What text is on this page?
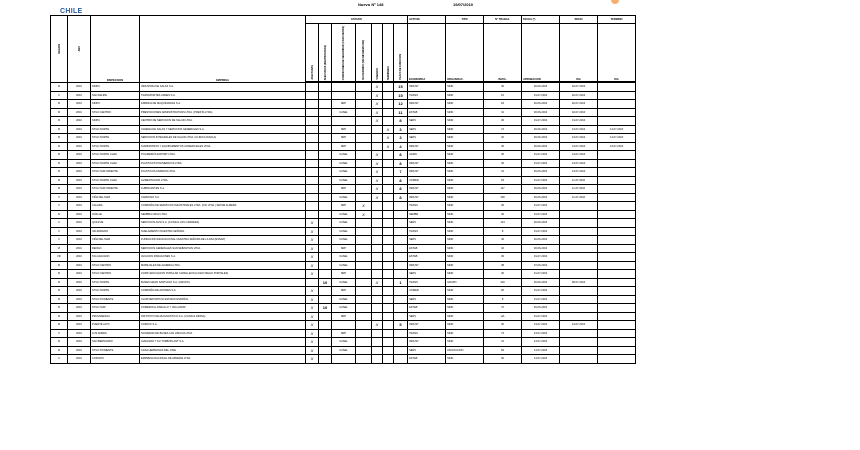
CHILE
Nuevo Nº 148	19/07/2010
REGION	AÑO	INSPECCION	EMPRESA	ESTADO							ACTIVID.	TIPO	Nº TRABAJ.	FECHA (*)	INICIO	TERMINO
				AFECTADAS	AFECTADAS (IDENTIFICADAS)	CONDICIONES DE SEGURIDAD (CASO/OHSAS)	NO DEFINIDO (SIN INFORMACION)	VIGENCIA	TERMINADA	PLAZO DE DURACION	ECONOMICA	ORGANIZAC.	INVOL.	APROBACION	DIA	DIA
XI	2010	SINPU	INDUSTRIA DE SALAS S.A.					X		15	INDUST	SIND	30	30-06-2010	02-07-2010	
V	2010	SAN FELIPE	TRANSPORTES ANDES S.A.					X		15	TRANS	SIND	16	01-07-2010	02-07-2010	
XI	2010	SINPU	FABRICA DE MAQUINARIAS S.A.			SRP		X		12	INDUST	SIND	18	30-06-2010	02-07-2010	
XI	2010	STGO CENTRO	PRESTACIONES ADMINISTRATIVAS LTDA. (PRESTA LTDA)			CASEL		X		11	ESTAB	SIND	31	30-06-2010	02-07-2010	
XI	2010	SINPU	CENTRO DE SERVICIOS DE SALUD LTDA.					X		8	SERV	SIND	30	01-07-2010	13-07-2010	
XI	2010	STGO NORTE	CADENA DE SALAS Y SERVICIOS GENERALES S.A.			SRP			X	3	SERV	SIND	74	30-06-2010	13-07-2010	14-07-2010
XI	2010	STGO NORTE	SERVICIOS INTEGRALES DE SALUD LTDA. (CLINICA DAVILA)			SRP			X	3	SERV	SIND	32	30-06-2010	13-07-2010	14-07-2010
XI	2010	STGO NORTE	SUMINISTROS Y EQUIPAMIENTOS COMERCIALES LTDA.			SRP			X	4	INDUST	SIND	30	30-06-2010	13-07-2010	13-07-2010
XI	2010	STGO NORTE CHAC	POLIMEROS EXPORT LTDA.			CASEL		X		8	AGRIC	SIND	30	01-07-2010	13-07-2010	
XI	2010	STGO NORTE CHAC	PLASTICOS POLIMERICOS LTDA.			CASEL		X		8	INDUST	SIND	36	01-07-2010	13-07-2010	
XI	2010	STGO SUR ORIENTE	PLASTICOS ANDINOS LTDA.			CASEL		X		7	INDUST	SIND	31	30-06-2010	13-07-2010	
XI	2010	STGO NORTE CHAC	ALIMENTACION LTDA.			CASEL		X		8	COMER	SIND	63	01-07-2010	11-07-2010	
XI	2010	STGO SUR ORIENTE	LUBRICANTES S.A.			SRP		X		8	INDUST	SIND	117	30-06-2010	11-07-2010	
V	2010	VIÑA DEL MAR	CARDOSO S.A.			CASEL		X		8	INDUST	SIND	300	30-06-2010	11-07-2010	
V	2010	CALAMA	COMPAÑIA DE SERVICIOS INDUSTRIALES LTDA. (CSI LTDA.) SETAM ALMERA			SRP	X				TRANS	SIND	36	01-07-2010		
IV	2010	OVALLE	SEMBRA CRUZ LTDA.			CASEL	X				SEMBR	SIND	30	01-07-2010		
V	2010	QUILPUE	SERVICIOS AUSI S.A. (CLINICA LOS CARRERA)	X		CASEL					SERV	SIND	144	30-06-2010		
V	2010	VALPARAISO	SUELAMIENTO NUESTRA SEÑORA	X		CASEL					TRANS	SIND	8	01-07-2010		
V	2010	VIÑA DEL MAR	FUNDACION EDUCACIONAL NUESTRA SEÑORA DE LA PAZ (ESNAP)	X		CASEL					SERV	SIND	46	30-06-2010		
VI	2010	RENGO	SERVICIOS GENERALES SAN SEBASTIAN LTDA.	X		SRP					ESTAB	SIND	32	30-06-2010		
VIII	2010	TALCAHUANO	AVIACION PARAGONES S.A.	X		CASEL					ESTAB	SIND	36	01-07-2010		
XI	2010	STGO CENTRO	MOBILIALES DE ALMERIA LTDA.	X		CASEL					INDUST	SIND	38	07-06-2010		
XI	2010	STGO CENTRO	CORP. EDUCACION POPULAR CAPELLEON (LICEO DIEGO PORTALES)	X		SRP					SERV	SIND	30	01-07-2010		
XI	2010	STGO NORTE	BUSES GRAN SANTIAGO S.A. (GRUPO)		10	CASEL		X		1	TRANS	GRUPO	420	30-06-2010	08-07-2010	
XI	2010	STGO NORTE	COMPAÑIA DE AVIONES S.A.	X		SRP					COMER	SIND	60	01-07-2010		
XI	2010	STGO PONIENTE	CLUB DEPORTIVO ESTADIO ESPAÑOL	X		CASEL					SERV	SIND	8	01-07-2010		
XI	2010	STGO SUR	COMERCIAL PARALLO Y VALLADOR	X	10	CASEL					ESTAB	SIND	47	30-06-2010		
XI	2010	PROVIDENCIA	INSTITUTO DE DIAGNOSTICO S.A. (CLINICA INDISA)	X		SRP					SERV	SIND	HA	01-07-2010		
XI	2010	PUENTE ALTO	COPACK S.A.	X				X		5	INDUST	SIND	30	13-07-2010	13-07-2010	
V	2010	LOS ANDES	SOCIEDAD DE BUSES LAN LIMA DA LTDA.	X		SRP					TRANS	SIND	73	13-07-2010		
XI	2010	SAN BERNARDO	ALMAGRO Y SU TURBOPLAST S.A.	X		CASEL					INDUST	SIND	31	14-07-2010		
XI	2010	STGO PONIENTE	CASA HERMANAS DEL CINE	X		CASEL					SERV	ASOCIACION	84	14-07-2010		
II	2010	COPIAPO	EMPRESA NACIONAL DE MINERIA LTDA.	X							ESTAB	SIND	60	14-07-2010		
